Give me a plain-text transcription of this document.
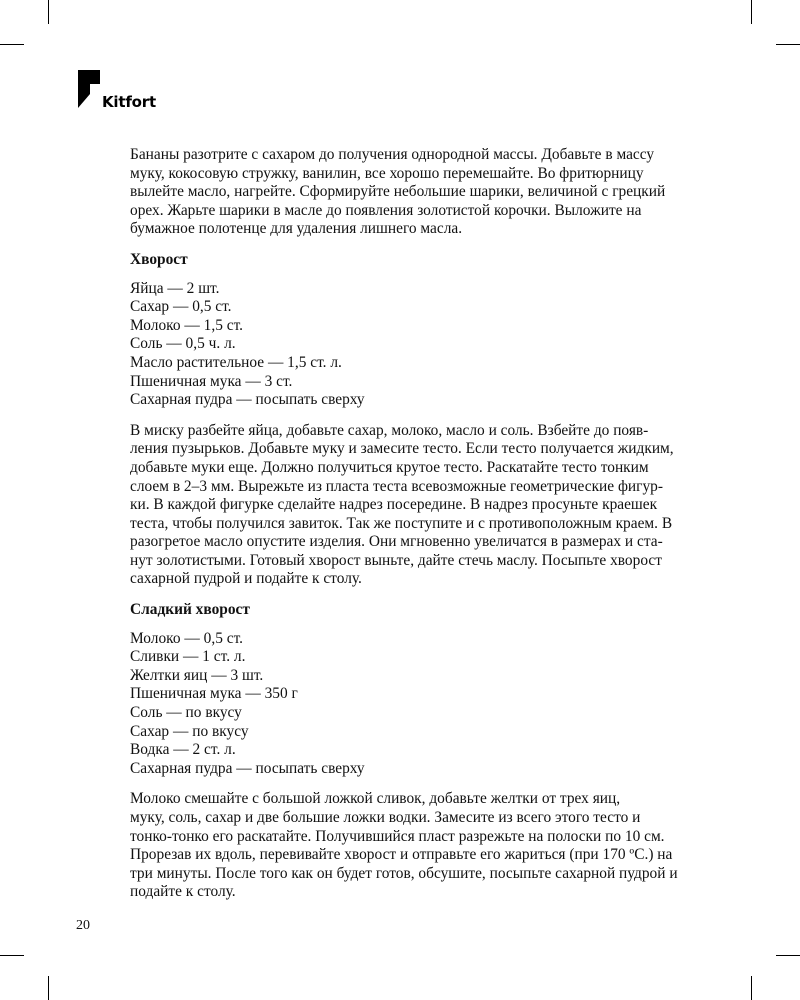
Kitfort

Бананы разотрите с сахаром до получения однородной массы. Добавьте в массу
муку, кокосовую стружку, ванилин, все хорошо перемешайте. Во фритюрницу
вылейте масло, нагрейте. Сформируйте небольшие шарики, величиной с грецкий
орех. Жарьте шарики в масле до появления золотистой корочки. Выложите на
бумажное полотенце для удаления лишнего масла.

Хворост
Яйца — 2 шт.
Сахар — 0,5 ст.
Молоко — 1,5 ст.
Соль — 0,5 ч. л.
Масло растительное — 1,5 ст. л.
Пшеничная мука — 3 ст.
Сахарная пудра — посыпать сверху

В миску разбейте яйца, добавьте сахар, молоко, масло и соль. Взбейте до появ-
ления пузырьков. Добавьте муку и замесите тесто. Если тесто получается жидким,
добавьте муки еще. Должно получиться крутое тесто. Раскатайте тесто тонким
слоем в 2–3 мм. Вырежьте из пласта теста всевозможные геометрические фигур-
ки. В каждой фигурке сделайте надрез посередине. В надрез просуньте краешек
теста, чтобы получился завиток. Так же поступите и с противоположным краем. В
разогретое масло опустите изделия. Они мгновенно увеличатся в размерах и ста-
нут золотистыми. Готовый хворост выньте, дайте стечь маслу. Посыпьте хворост
сахарной пудрой и подайте к столу.

Сладкий хворост
Молоко — 0,5 ст.
Сливки — 1 ст. л.
Желтки яиц — 3 шт.
Пшеничная мука — 350 г
Соль — по вкусу
Сахар — по вкусу
Водка — 2 ст. л.
Сахарная пудра — посыпать сверху

Молоко смешайте с большой ложкой сливок, добавьте желтки от трех яиц,
муку, соль, сахар и две большие ложки водки. Замесите из всего этого тесто и
тонко-тонко его раскатайте. Получившийся пласт разрежьте на полоски по 10 см.
Прорезав их вдоль, перевивайте хворост и отправьте его жариться (при 170 ºС.) на
три минуты. После того как он будет готов, обсушите, посыпьте сахарной пудрой и
подайте к столу.

20
